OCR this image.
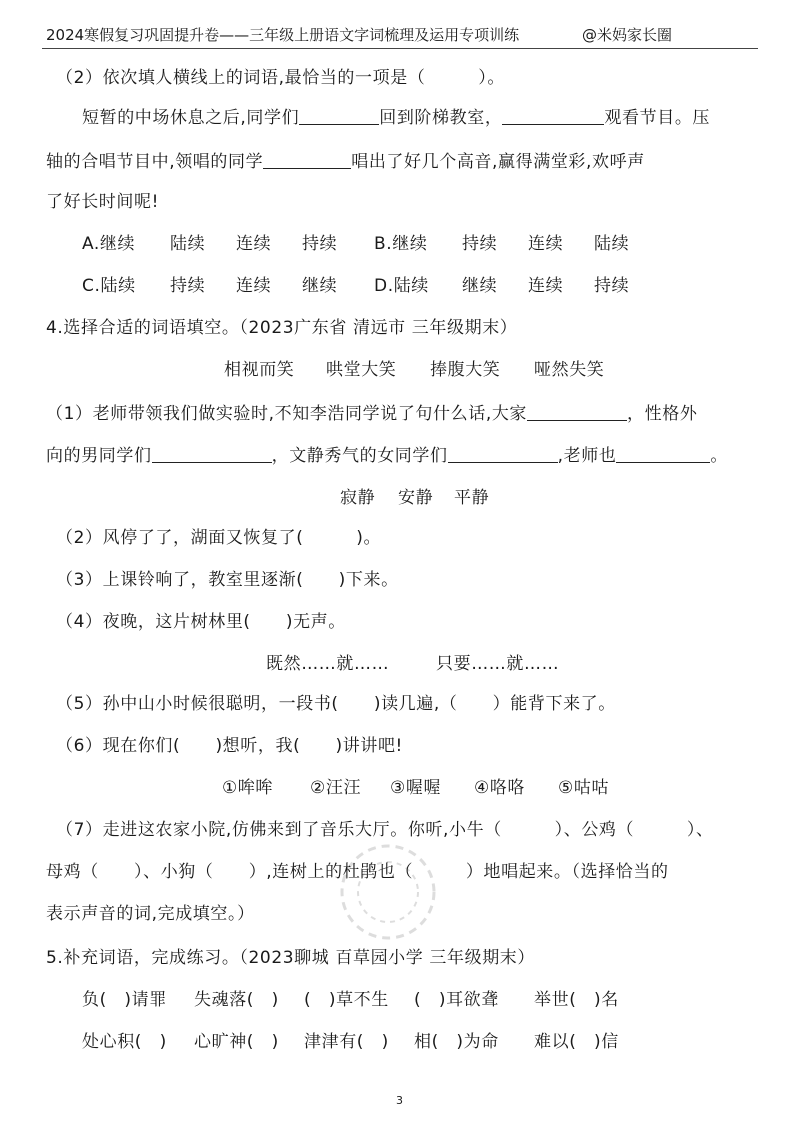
2024寒假复习巩固提升卷——三年级上册语文字词梳理及运用专项训练	@米妈家长圈
（2）依次填人横线上的词语,最恰当的一项是（　　　）。
短暂的中场休息之后,同学们	回到阶梯教室，	观看节目。压
轴的合唱节目中,领唱的同学	唱出了好几个高音,赢得满堂彩,欢呼声
了好长时间呢!
A.继续 陆续 连续 持续 B.继续 持续 连续 陆续
C.陆续 持续 连续 继续 D.陆续 继续 连续 持续
4.选择合适的词语填空。（2023广东省 清远市 三年级期末）
相视而笑 哄堂大笑 捧腹大笑 哑然失笑
（1）老师带领我们做实验时,不知李浩同学说了句什么话,大家	，性格外
向的男同学们	，文静秀气的女同学们	,老师也	。
寂静 安静 平静
（2）风停了了，湖面又恢复了(　　　)。
（3）上课铃响了，教室里逐渐(　　)下来。
（4）夜晚，这片树林里(　　)无声。
既然……就……	只要……就……
（5）孙中山小时候很聪明，一段书(　　)读几遍,（　　）能背下来了。
（6）现在你们(　　)想听，我(　　)讲讲吧!
①哞哞 ②汪汪 ③喔喔 ④咯咯 ⑤咕咕
（7）走进这农家小院,仿佛来到了音乐大厅。你听,小牛（　　　）、公鸡（　　　）、
母鸡（　　）、小狗（　　）,连树上的杜鹃也（　　　）地唱起来。（选择恰当的
表示声音的词,完成填空。）
5.补充词语，完成练习。（2023聊城 百草园小学 三年级期末）
负(　)请罪 失魂落(　) (　)草不生 (　)耳欲聋 举世(　)名
处心积(　) 心旷神(　) 津津有(　) 相(　)为命 难以(　)信
3
